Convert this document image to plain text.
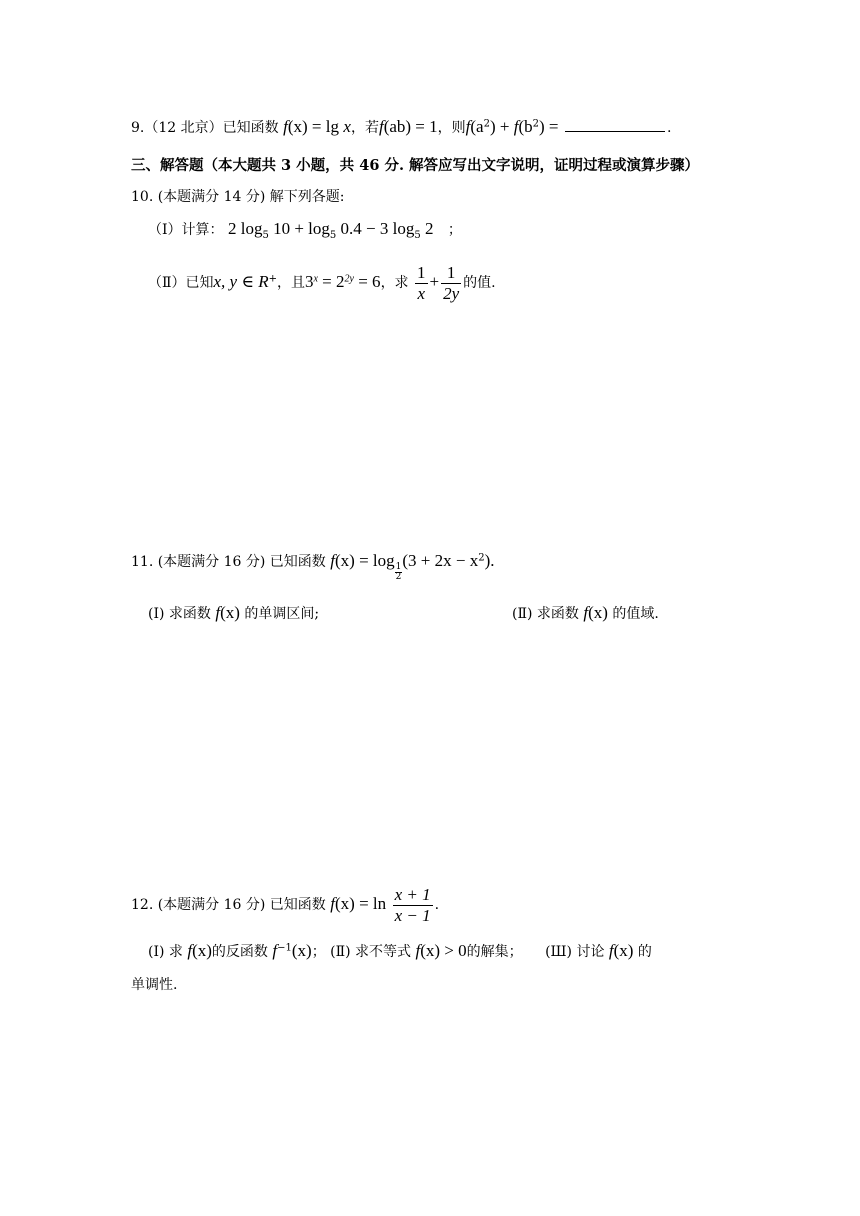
9.（12 北京）已知函数 f(x) = lg x，若f(ab) = 1，则$f(a^2) + f(b^2)$ =	.
三、解答题（本大题共 3 小题，共 46 分. 解答应写出文字说明，证明过程或演算步骤）
10. (本题满分 14 分) 解下列各题:
（Ⅰ）计算： 2 $\log_5 10 + \log_5 0.4 - 3$ $\log_5 2$ ；
（Ⅱ）已知x, y ∈ R+，且$3^x = 2^{2y} = 6$，求 $\frac{1}{x} + \frac{1}{2y}$ 的值.
11. (本题满分 16 分) 已知函数 f(x) = log
$\frac{1}{2}$
$(3 + 2x - x^2)$.
(Ⅰ) 求函数 f(x) 的单调区间;	(Ⅱ) 求函数 f(x) 的值域.
12. (本题满分 16 分) 已知函数 $f(x) = \ln \frac{x + 1}{x - 1}$ .
(Ⅰ) 求 f(x)的反函数 $f^{-1}(x)$； (Ⅱ) 求不等式 f(x) > 0的解集； (Ш) 讨论 f(x) 的
单调性.
